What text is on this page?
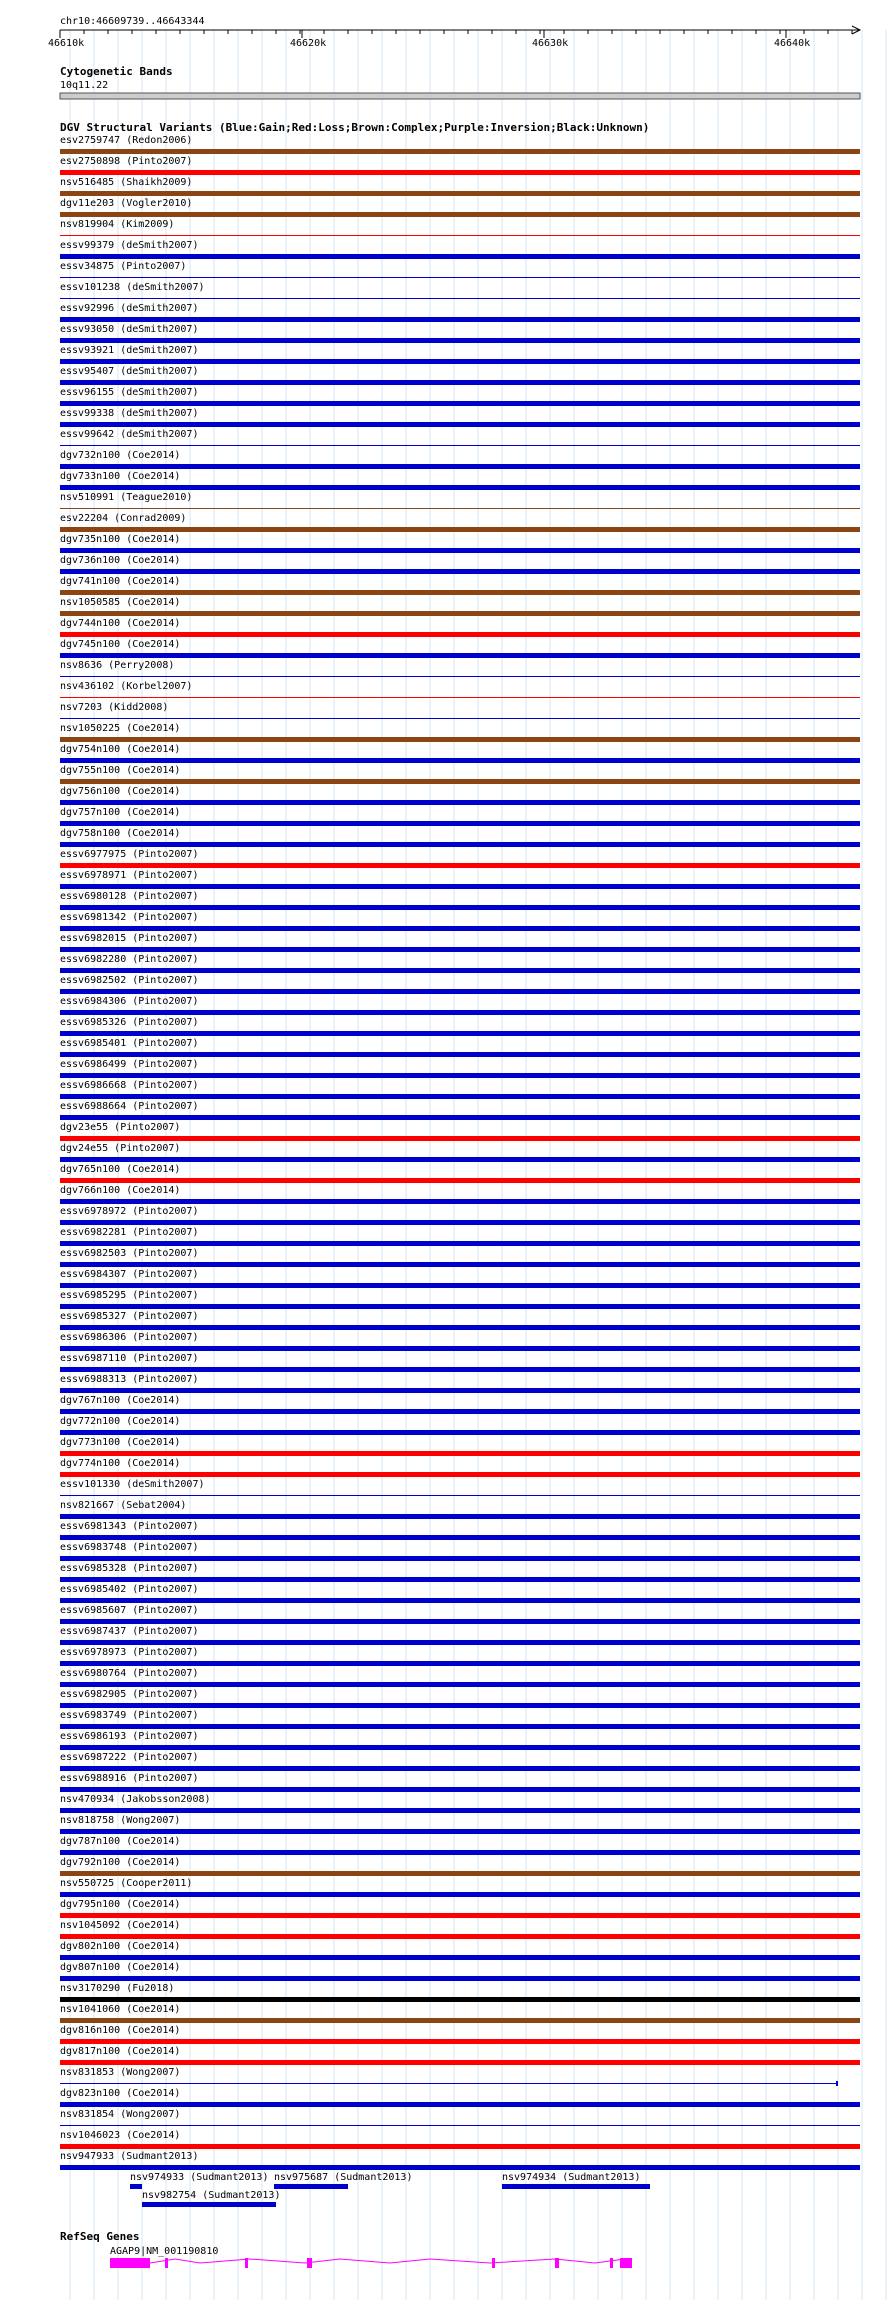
chr10:46609739..46643344
46610k	46620k	46630k	46640k
Cytogenetic Bands
10q11.22
DGV Structural Variants (Blue:Gain;Red:Loss;Brown:Complex;Purple:Inversion;Black:Unknown)
esv2759747 (Redon2006)
esv2750898 (Pinto2007)
nsv516485 (Shaikh2009)
dgv11e203 (Vogler2010)
nsv819904 (Kim2009)
essv99379 (deSmith2007)
essv34875 (Pinto2007)
essv101238 (deSmith2007)
essv92996 (deSmith2007)
essv93050 (deSmith2007)
essv93921 (deSmith2007)
essv95407 (deSmith2007)
essv96155 (deSmith2007)
essv99338 (deSmith2007)
essv99642 (deSmith2007)
dgv732n100 (Coe2014)
dgv733n100 (Coe2014)
nsv510991 (Teague2010)
esv22204 (Conrad2009)
dgv735n100 (Coe2014)
dgv736n100 (Coe2014)
dgv741n100 (Coe2014)
nsv1050585 (Coe2014)
dgv744n100 (Coe2014)
dgv745n100 (Coe2014)
nsv8636 (Perry2008)
nsv436102 (Korbel2007)
nsv7203 (Kidd2008)
nsv1050225 (Coe2014)
dgv754n100 (Coe2014)
dgv755n100 (Coe2014)
dgv756n100 (Coe2014)
dgv757n100 (Coe2014)
dgv758n100 (Coe2014)
essv6977975 (Pinto2007)
essv6978971 (Pinto2007)
essv6980128 (Pinto2007)
essv6981342 (Pinto2007)
essv6982015 (Pinto2007)
essv6982280 (Pinto2007)
essv6982502 (Pinto2007)
essv6984306 (Pinto2007)
essv6985326 (Pinto2007)
essv6985401 (Pinto2007)
essv6986499 (Pinto2007)
essv6986668 (Pinto2007)
essv6988664 (Pinto2007)
dgv23e55 (Pinto2007)
dgv24e55 (Pinto2007)
dgv765n100 (Coe2014)
dgv766n100 (Coe2014)
essv6978972 (Pinto2007)
essv6982281 (Pinto2007)
essv6982503 (Pinto2007)
essv6984307 (Pinto2007)
essv6985295 (Pinto2007)
essv6985327 (Pinto2007)
essv6986306 (Pinto2007)
essv6987110 (Pinto2007)
essv6988313 (Pinto2007)
dgv767n100 (Coe2014)
dgv772n100 (Coe2014)
dgv773n100 (Coe2014)
dgv774n100 (Coe2014)
essv101330 (deSmith2007)
nsv821667 (Sebat2004)
essv6981343 (Pinto2007)
essv6983748 (Pinto2007)
essv6985328 (Pinto2007)
essv6985402 (Pinto2007)
essv6985607 (Pinto2007)
essv6987437 (Pinto2007)
essv6978973 (Pinto2007)
essv6980764 (Pinto2007)
essv6982905 (Pinto2007)
essv6983749 (Pinto2007)
essv6986193 (Pinto2007)
essv6987222 (Pinto2007)
essv6988916 (Pinto2007)
nsv470934 (Jakobsson2008)
nsv818758 (Wong2007)
dgv787n100 (Coe2014)
dgv792n100 (Coe2014)
nsv550725 (Cooper2011)
dgv795n100 (Coe2014)
nsv1045092 (Coe2014)
dgv802n100 (Coe2014)
dgv807n100 (Coe2014)
nsv3170290 (Fu2018)
nsv1041060 (Coe2014)
dgv816n100 (Coe2014)
dgv817n100 (Coe2014)
nsv831853 (Wong2007)
dgv823n100 (Coe2014)
nsv831854 (Wong2007)
nsv1046023 (Coe2014)
nsv947933 (Sudmant2013)
nsv974933 (Sudmant2013) nsv975687 (Sudmant2013)	nsv974934 (Sudmant2013)
nsv982754 (Sudmant2013)
RefSeq Genes
AGAP9|NM_001190810
